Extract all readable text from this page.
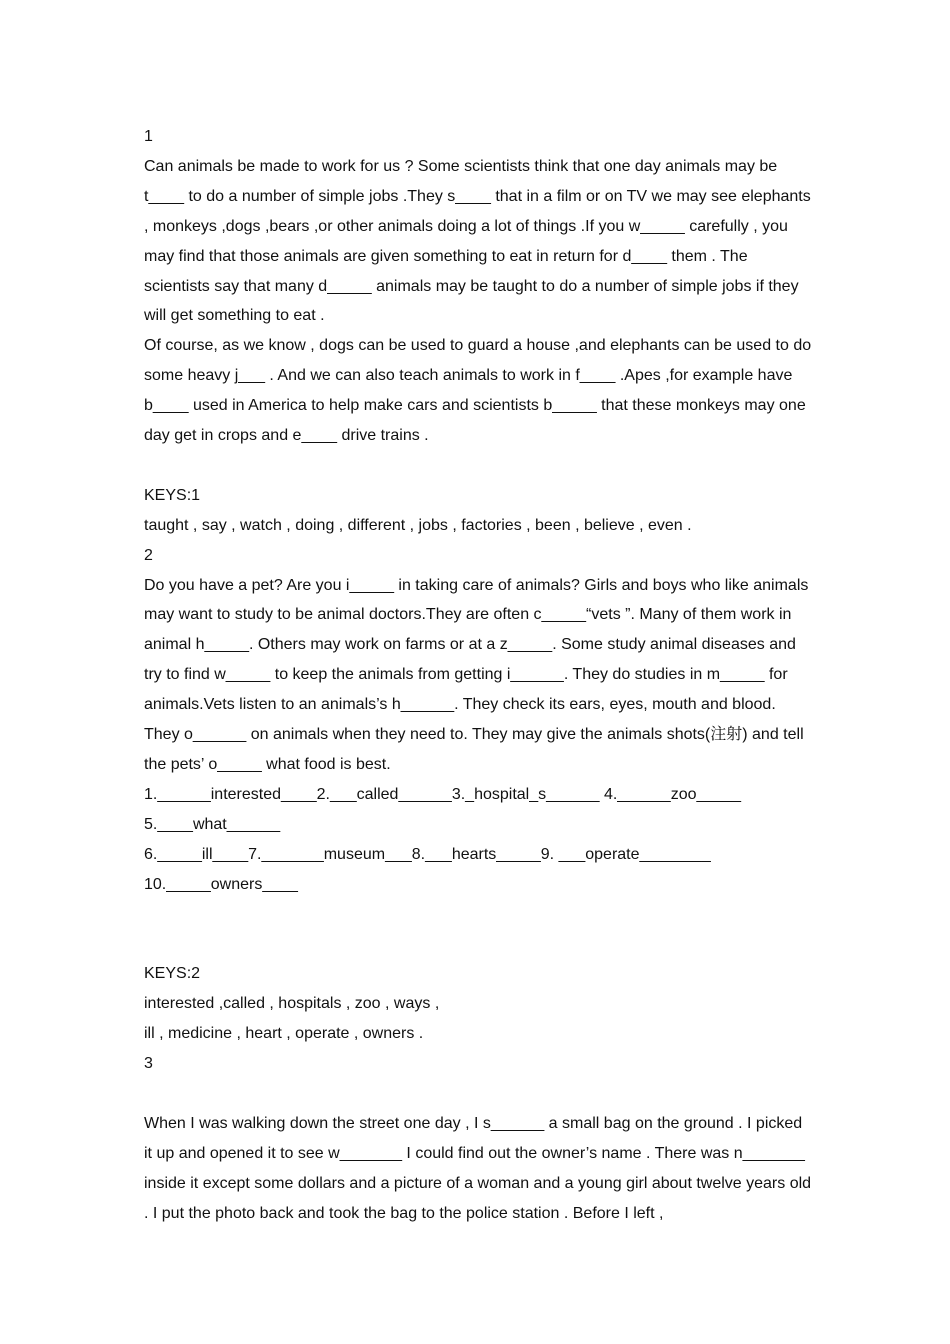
1

Can animals be made to work for us ? Some scientists think that one day animals may be t____ to do a number of simple jobs .They s____ that in a film or on TV we may see elephants , monkeys ,dogs ,bears ,or other animals doing a lot of things .If you w_____ carefully , you may find that those animals are given something to eat in return for d____ them . The scientists say that many d_____ animals may be taught to do a number of simple jobs if they will get something to eat .

Of course, as we know , dogs can be used to guard a house ,and elephants can be used to do some heavy j___ . And we can also teach animals to work in f____ .Apes ,for example have b____ used in America to help make cars and scientists b_____ that these monkeys may one day get in crops and e____ drive trains .

KEYS:1

taught , say , watch , doing , different , jobs , factories , been , believe , even .

2

Do you have a pet? Are you i_____ in taking care of animals? Girls and boys who like animals may want to study to be animal doctors.They are often c_____“vets ”. Many of them work in animal h_____. Others may work on farms or at a z_____. Some study animal diseases and try to find w_____ to keep the animals from getting i______. They do studies in m_____ for animals.Vets listen to an animals’s h______. They check its ears, eyes, mouth and blood. They o______ on animals when they need to. They may give the animals shots(注射) and tell the pets’ o_____ what food is best.

1.______interested____2.___called______3._hospital_s______ 4.______zoo_____

5.____what______

6._____ill____7._______museum___8.___hearts_____9. ___operate________

10._____owners____

KEYS:2

interested ,called , hospitals , zoo , ways ,

ill , medicine , heart , operate , owners .

3

When I was walking down the street one day , I s______ a small bag on the ground . I picked it up and opened it to see w_______ I could find out the owner’s name . There was n_______ inside it except some dollars and a picture of a woman and a young girl about twelve years old . I put the photo back and took the bag to the police station . Before I left ,
